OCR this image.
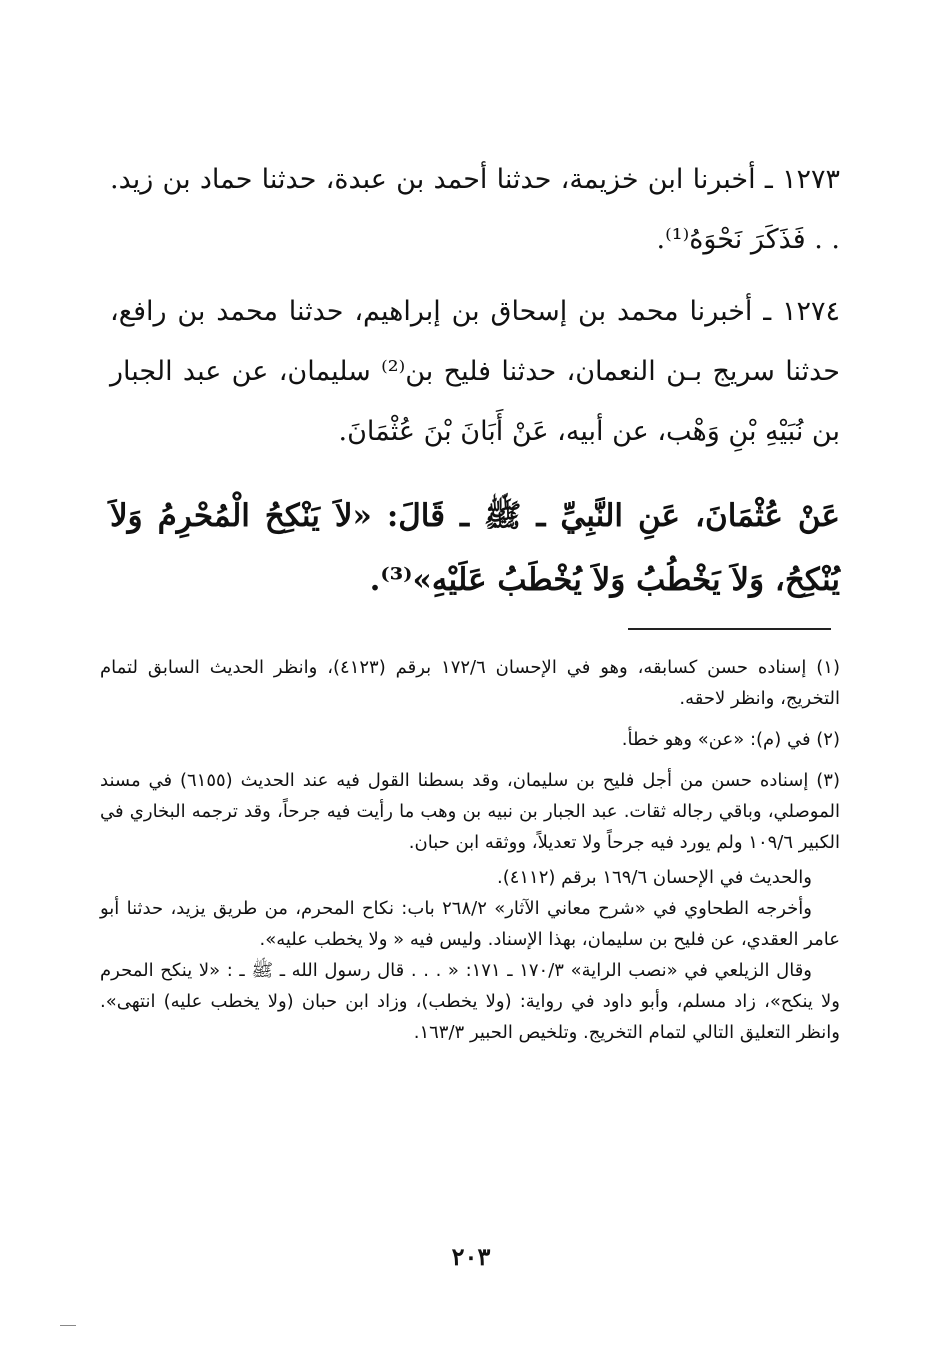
١٢٧٣ ـ أخبرنا ابن خزيمة، حدثنا أحمد بن عبدة، حدثنا حماد بن زيد. . . فَذَكَرَ نَحْوَهُ⁽¹⁾.

١٢٧٤ ـ أخبرنا محمد بن إسحاق بن إبراهيم، حدثنا محمد بن رافع، حدثنا سريج بـن النعمان، حدثنا فليح بن⁽²⁾ سليمان، عن عبد الجبار بن نُبَيْهِ بْنِ وَهْب، عن أبيه، عَنْ أَبَانَ بْنَ عُثْمَانَ.

عَنْ عُثْمَانَ، عَنِ النَّبِيِّ ـ ﷺ ـ قَالَ: «لاَ يَنْكِحُ الْمُحْرِمُ وَلاَ يُنْكِحُ، وَلاَ يَخْطُبُ وَلاَ يُخْطَبُ عَلَيْهِ»⁽³⁾.

(١) إسناده حسن كسابقه، وهو في الإحسان ١٧٢/٦ برقم (٤١٢٣)، وانظر الحديث السابق لتمام التخريج، وانظر لاحقه.

(٢) في (م): «عن» وهو خطأ.

(٣) إسناده حسن من أجل فليح بن سليمان، وقد بسطنا القول فيه عند الحديث (٦١٥٥) في مسند الموصلي، وباقي رجاله ثقات. عبد الجبار بن نبيه بن وهب ما رأيت فيه جرحاً، وقد ترجمه البخاري في الكبير ١٠٩/٦ ولم يورد فيه جرحاً ولا تعديلاً، ووثقه ابن حبان.

والحديث في الإحسان ١٦٩/٦ برقم (٤١١٢).

وأخرجه الطحاوي في «شرح معاني الآثار» ٢٦٨/٢ باب: نكاح المحرم، من طريق يزيد، حدثنا أبو عامر العقدي، عن فليح بن سليمان، بهذا الإسناد. وليس فيه « ولا يخطب عليه».

وقال الزيلعي في «نصب الراية» ١٧٠/٣ ـ ١٧١: « . . . قال رسول الله ـ ﷺ ـ : «لا ينكح المحرم ولا ينكح»، زاد مسلم، وأبو داود في رواية: (ولا يخطب)، وزاد ابن حبان (ولا يخطب عليه) انتهى». وانظر التعليق التالي لتمام التخريج. وتلخيص الحبير ١٦٣/٣.

٢٠٣
